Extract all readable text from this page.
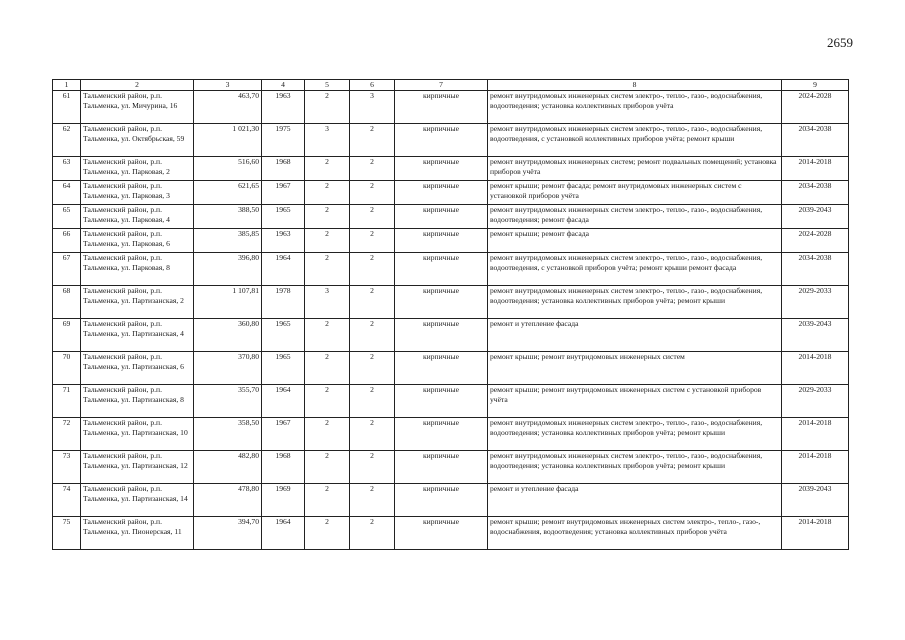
2659
1	2	3	4	5	6	7	8	9
61	Тальменский район, р.п. Тальменка, ул. Мичурина, 16	463,70	1963	2	3	кирпичные	ремонт внутридомовых инженерных систем электро-, тепло-, газо-, водоснабжения, водоотведения; установка коллективных приборов учёта	2024-2028
62	Тальменский район, р.п. Тальменка, ул. Октябрьская, 59	1 021,30	1975	3	2	кирпичные	ремонт внутридомовых инженерных систем электро-, тепло-, газо-, водоснабжения, водоотведения, с установкой коллективных приборов учёта; ремонт крыши	2034-2038
63	Тальменский район, р.п. Тальменка, ул. Парковая, 2	516,60	1968	2	2	кирпичные	ремонт внутридомовых инженерных систем; ремонт подвальных помещений; установка приборов учёта	2014-2018
64	Тальменский район, р.п. Тальменка, ул. Парковая, 3	621,65	1967	2	2	кирпичные	ремонт крыши; ремонт фасада; ремонт внутридомовых инженерных систем с установкой приборов учёта	2034-2038
65	Тальменский район, р.п. Тальменка, ул. Парковая, 4	388,50	1965	2	2	кирпичные	ремонт внутридомовых инженерных систем электро-, тепло-, газо-, водоснабжения, водоотведения; ремонт фасада	2039-2043
66	Тальменский район, р.п. Тальменка, ул. Парковая, 6	385,85	1963	2	2	кирпичные	ремонт крыши; ремонт фасада	2024-2028
67	Тальменский район, р.п. Тальменка, ул. Парковая, 8	396,80	1964	2	2	кирпичные	ремонт внутридомовых инженерных систем электро-, тепло-, газо-, водоснабжения, водоотведения, с установкой приборов учёта; ремонт крыши ремонт фасада	2034-2038
68	Тальменский район, р.п. Тальменка, ул. Партизанская, 2	1 107,81	1978	3	2	кирпичные	ремонт внутридомовых инженерных систем электро-, тепло-, газо-, водоснабжения, водоотведения; установка коллективных приборов учёта; ремонт крыши	2029-2033
69	Тальменский район, р.п. Тальменка, ул. Партизанская, 4	360,80	1965	2	2	кирпичные	ремонт и утепление фасада	2039-2043
70	Тальменский район, р.п. Тальменка, ул. Партизанская, 6	370,80	1965	2	2	кирпичные	ремонт крыши; ремонт внутридомовых инженерных систем	2014-2018
71	Тальменский район, р.п. Тальменка, ул. Партизанская, 8	355,70	1964	2	2	кирпичные	ремонт крыши; ремонт внутридомовых инженерных систем с установкой приборов учёта	2029-2033
72	Тальменский район, р.п. Тальменка, ул. Партизанская, 10	358,50	1967	2	2	кирпичные	ремонт внутридомовых инженерных систем электро-, тепло-, газо-, водоснабжения, водоотведения; установка коллективных приборов учёта; ремонт крыши	2014-2018
73	Тальменский район, р.п. Тальменка, ул. Партизанская, 12	482,80	1968	2	2	кирпичные	ремонт внутридомовых инженерных систем электро-, тепло-, газо-, водоснабжения, водоотведения; установка коллективных приборов учёта; ремонт крыши	2014-2018
74	Тальменский район, р.п. Тальменка, ул. Партизанская, 14	478,80	1969	2	2	кирпичные	ремонт и утепление фасада	2039-2043
75	Тальменский район, р.п. Тальменка, ул. Пионерская, 11	394,70	1964	2	2	кирпичные	ремонт крыши; ремонт внутридомовых инженерных систем электро-, тепло-, газо-, водоснабжения, водоотведения; установка коллективных приборов учёта	2014-2018
